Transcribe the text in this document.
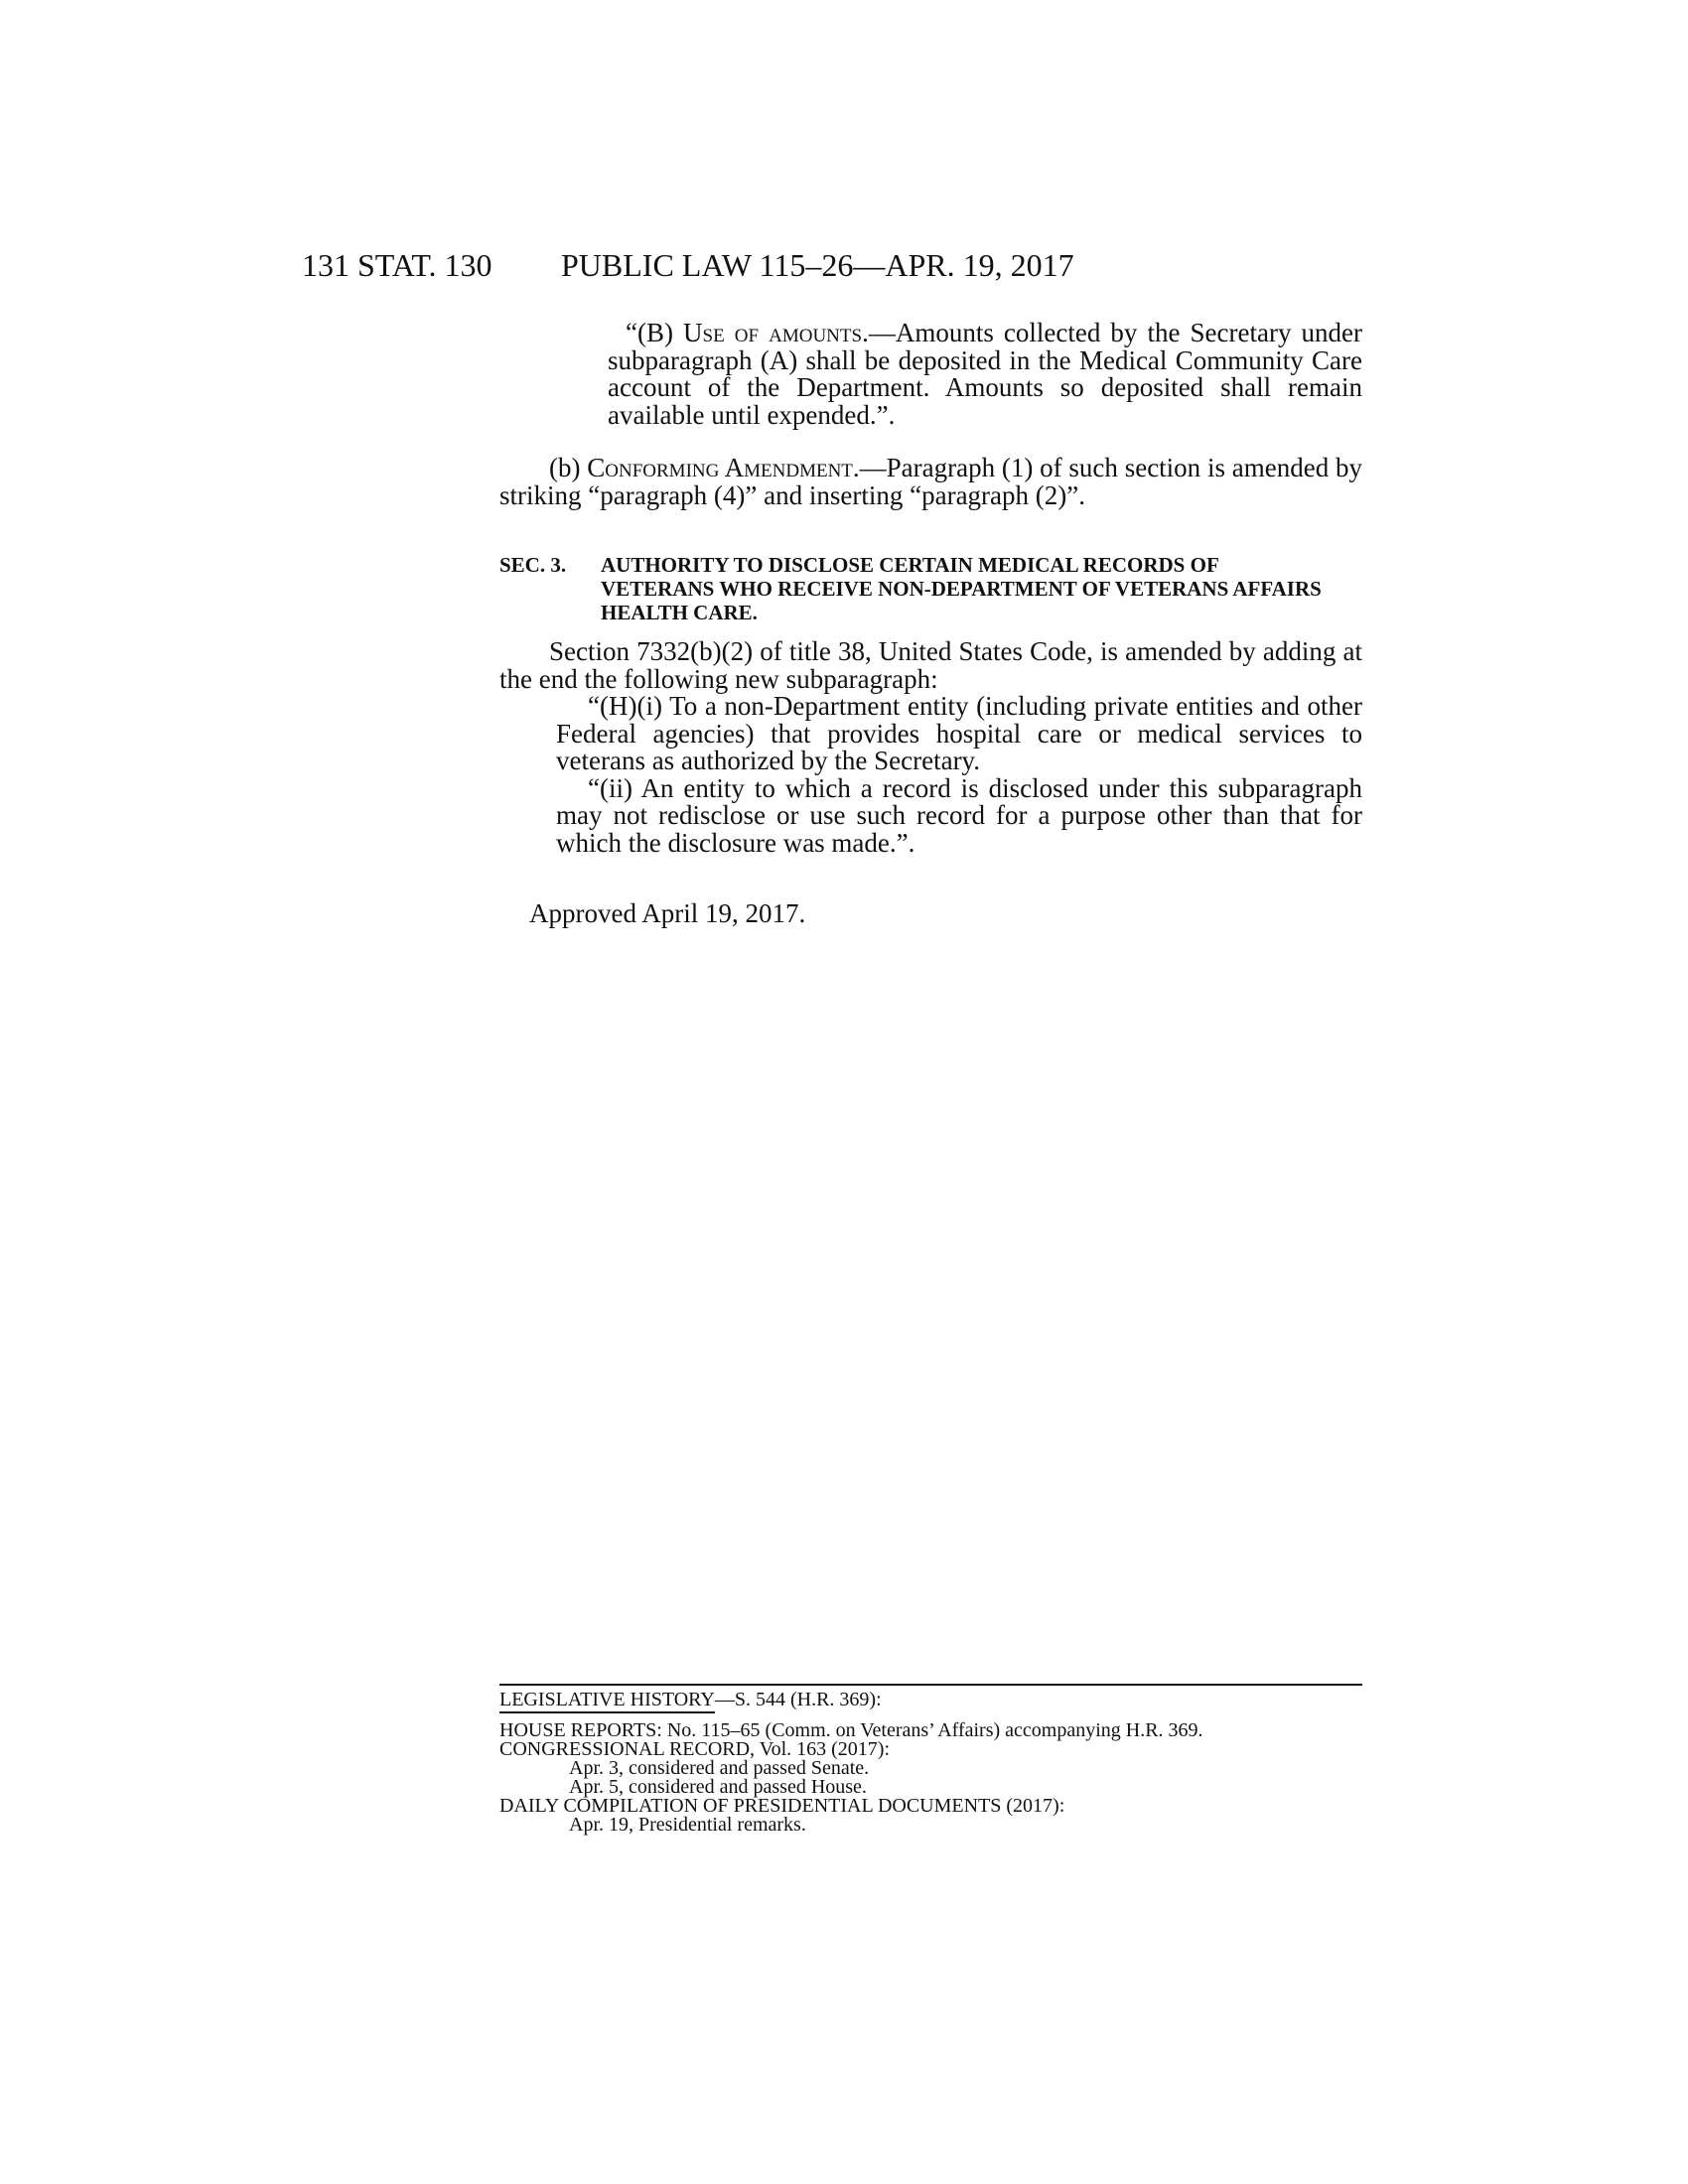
131 STAT. 130 PUBLIC LAW 115–26—APR. 19, 2017

“(B) Use of amounts.—Amounts collected by the Secretary under subparagraph (A) shall be deposited in the Medical Community Care account of the Department. Amounts so deposited shall remain available until expended.”.

(b) Conforming Amendment.—Paragraph (1) of such section is amended by striking “paragraph (4)” and inserting “paragraph (2)”.

SEC. 3. AUTHORITY TO DISCLOSE CERTAIN MEDICAL RECORDS OF
VETERANS WHO RECEIVE NON-DEPARTMENT OF VETERANS AFFAIRS HEALTH CARE.

Section 7332(b)(2) of title 38, United States Code, is amended by adding at the end the following new subparagraph:

“(H)(i) To a non-Department entity (including private entities and other Federal agencies) that provides hospital care or medical services to veterans as authorized by the Secretary.

“(ii) An entity to which a record is disclosed under this subparagraph may not redisclose or use such record for a purpose other than that for which the disclosure was made.”.

Approved April 19, 2017.
LEGISLATIVE HISTORY—S. 544 (H.R. 369):
HOUSE REPORTS: No. 115–65 (Comm. on Veterans’ Affairs) accompanying H.R. 369.
CONGRESSIONAL RECORD, Vol. 163 (2017):
Apr. 3, considered and passed Senate.
Apr. 5, considered and passed House.
DAILY COMPILATION OF PRESIDENTIAL DOCUMENTS (2017):
Apr. 19, Presidential remarks.
